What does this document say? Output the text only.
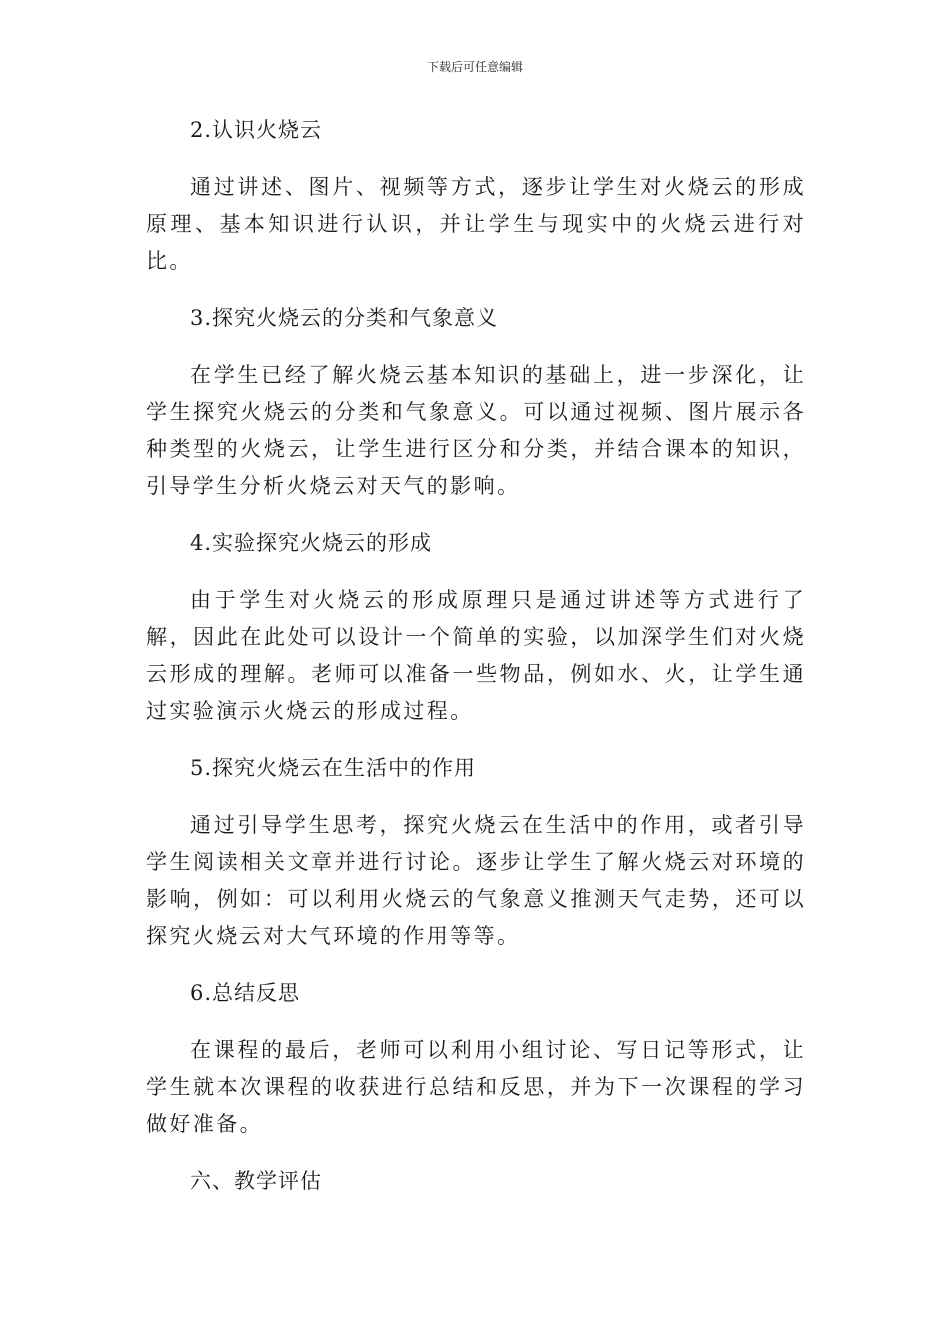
下载后可任意编辑

2.认识火烧云

通过讲述、图片、视频等方式，逐步让学生对火烧云的形成原理、基本知识进行认识，并让学生与现实中的火烧云进行对比。

3.探究火烧云的分类和气象意义

在学生已经了解火烧云基本知识的基础上，进一步深化，让学生探究火烧云的分类和气象意义。可以通过视频、图片展示各种类型的火烧云，让学生进行区分和分类，并结合课本的知识，引导学生分析火烧云对天气的影响。

4.实验探究火烧云的形成

由于学生对火烧云的形成原理只是通过讲述等方式进行了解，因此在此处可以设计一个简单的实验，以加深学生们对火烧云形成的理解。老师可以准备一些物品，例如水、火，让学生通过实验演示火烧云的形成过程。

5.探究火烧云在生活中的作用

通过引导学生思考，探究火烧云在生活中的作用，或者引导学生阅读相关文章并进行讨论。逐步让学生了解火烧云对环境的影响，例如：可以利用火烧云的气象意义推测天气走势，还可以探究火烧云对大气环境的作用等等。

6.总结反思

在课程的最后，老师可以利用小组讨论、写日记等形式，让学生就本次课程的收获进行总结和反思，并为下一次课程的学习做好准备。

六、教学评估
